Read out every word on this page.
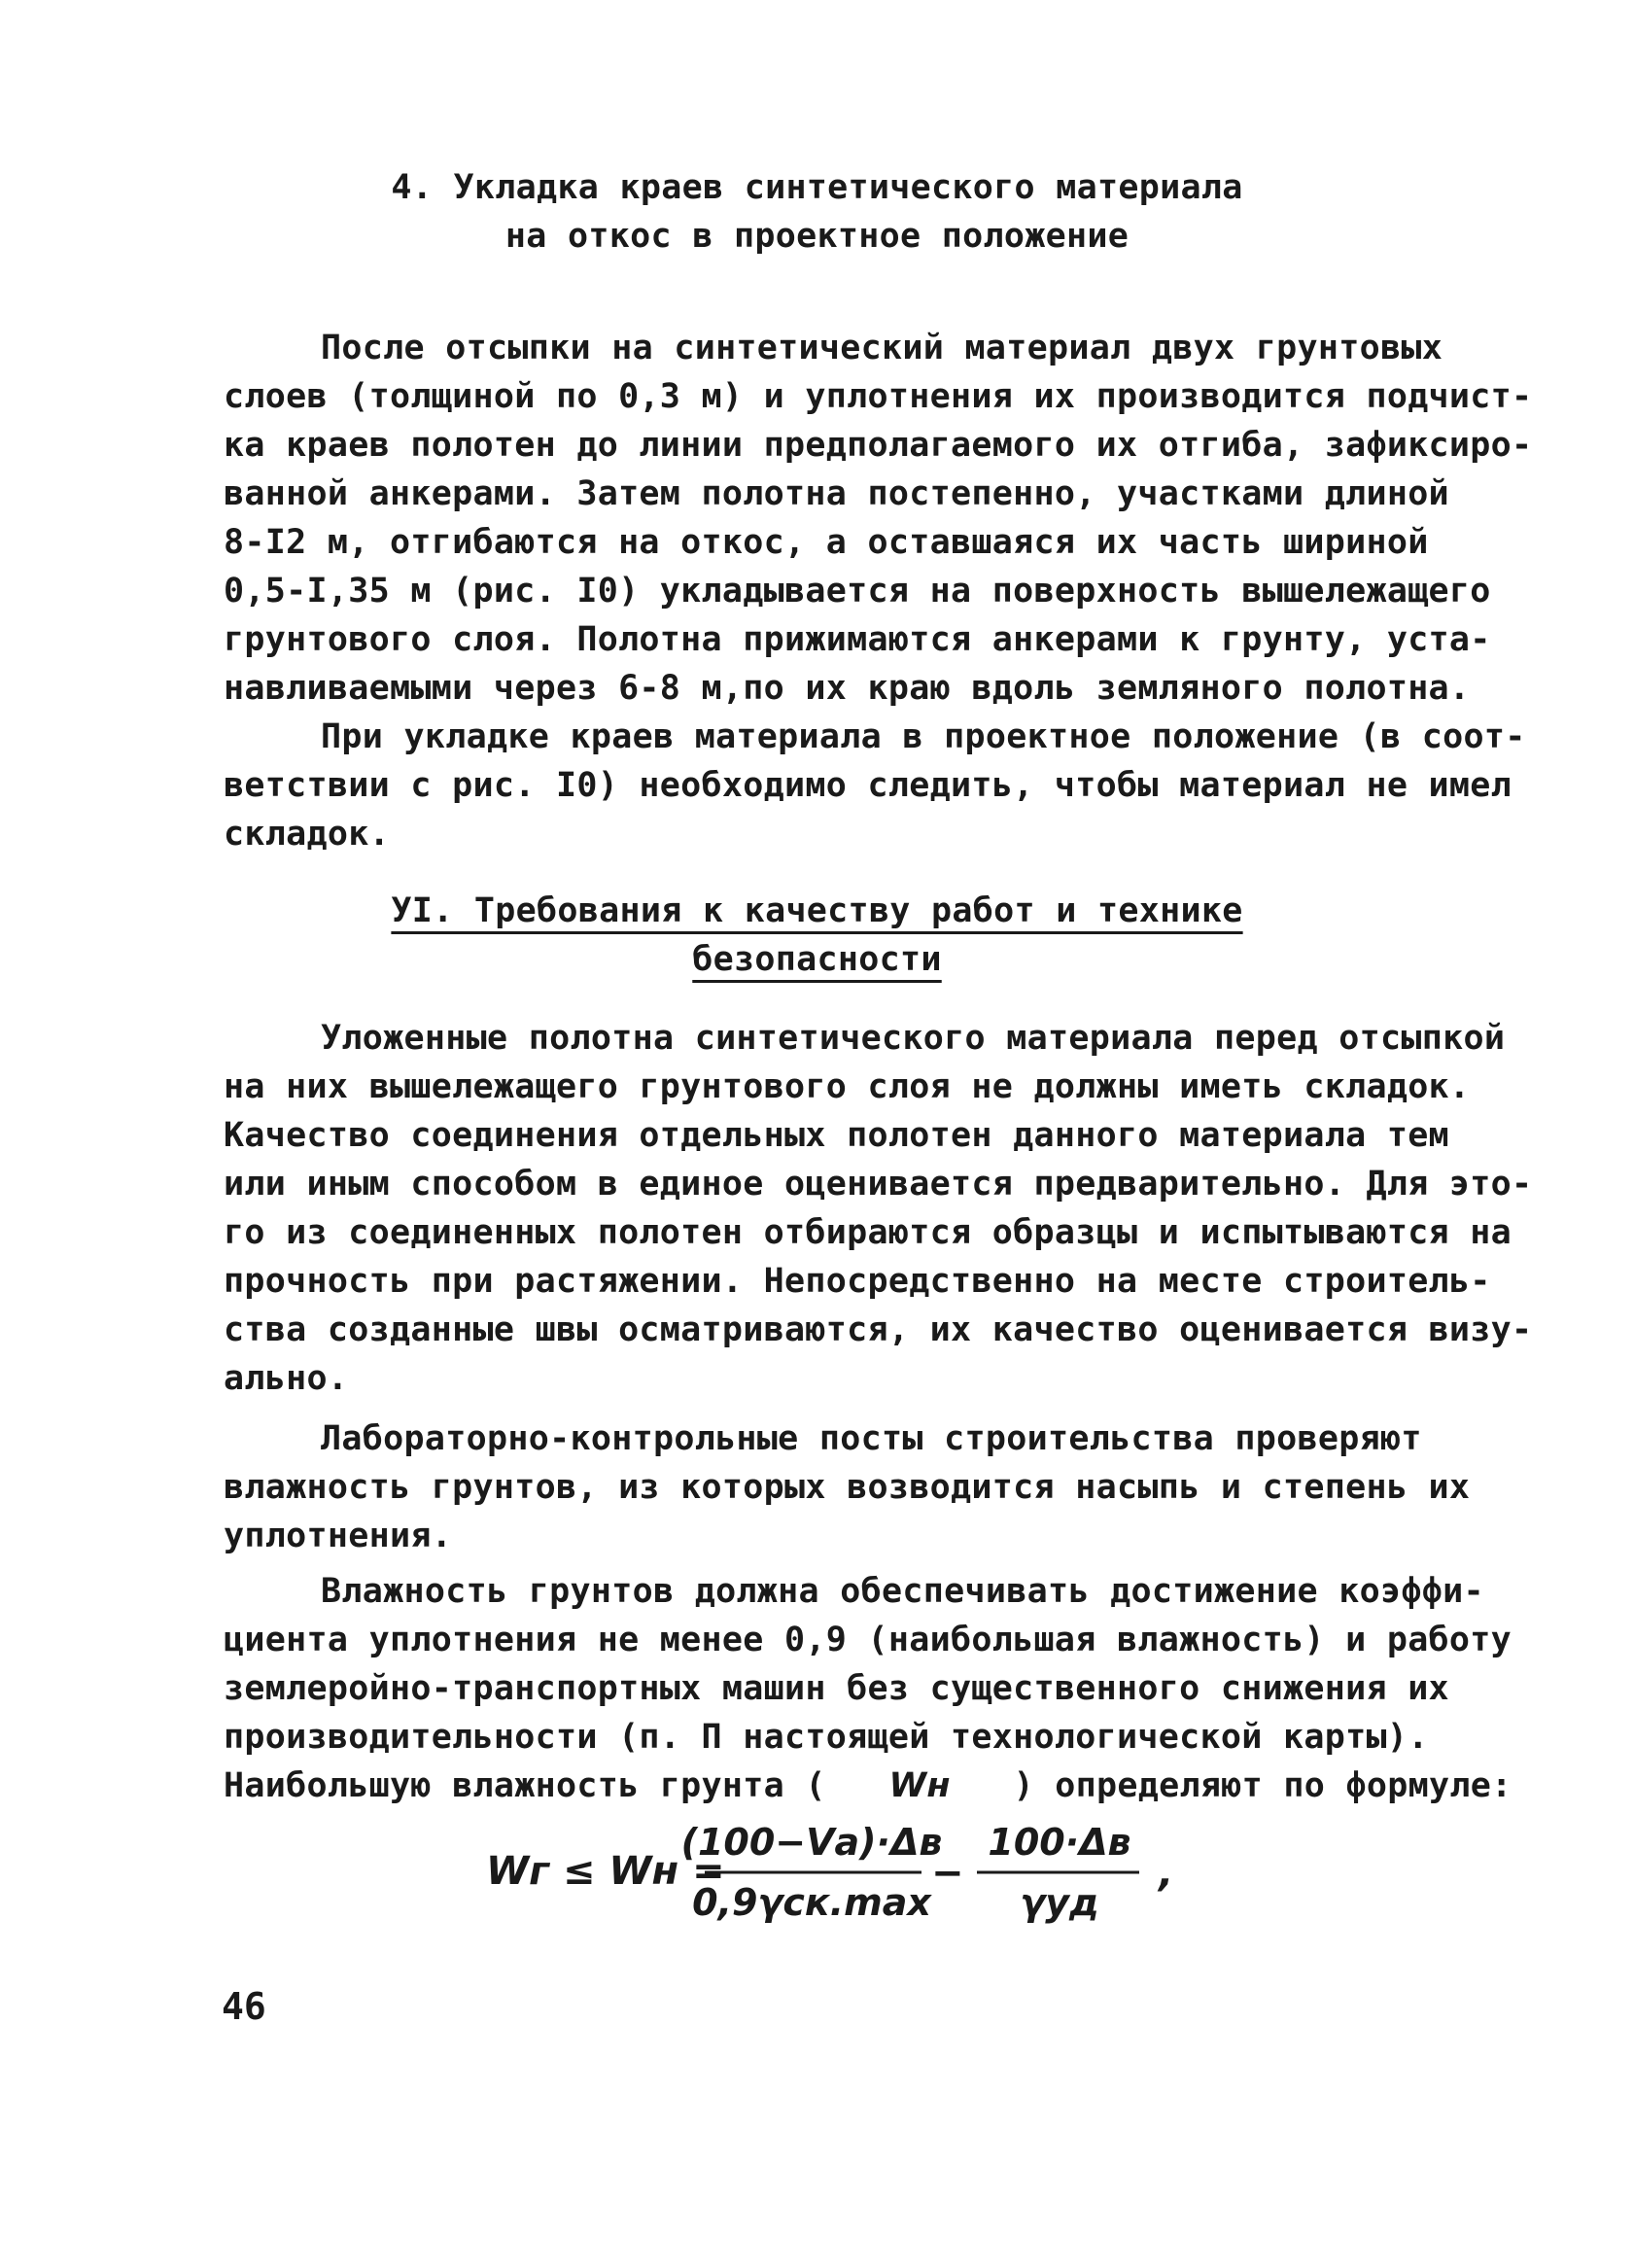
4. Укладка краев синтетического материала
на откос в проектное положение
После отсыпки на синтетический материал двух грунтовых
слоев (толщиной по 0,3 м) и уплотнения их производится подчист-
ка краев полотен до линии предполагаемого их отгиба, зафиксиро-
ванной анкерами. Затем полотна постепенно, участками длиной
8-I2 м, отгибаются на откос, а оставшаяся их часть шириной
0,5-I,35 м (рис. I0) укладывается на поверхность вышележащего
грунтового слоя. Полотна прижимаются анкерами к грунту, уста-
навливаемыми через 6-8 м,по их краю вдоль земляного полотна.
При укладке краев материала в проектное положение (в соот-
ветствии с рис. I0) необходимо следить, чтобы материал не имел
складок.
УI. Требования к качеству работ и технике
безопасности
Уложенные полотна синтетического материала перед отсыпкой
на них вышележащего грунтового слоя не должны иметь складок.
Качество соединения отдельных полотен данного материала тем
или иным способом в единое оценивается предварительно. Для это-
го из соединенных полотен отбираются образцы и испытываются на
прочность при растяжении. Непосредственно на месте строитель-
ства созданные швы осматриваются, их качество оценивается визу-
ально.
Лабораторно-контрольные посты строительства проверяют
влажность грунтов, из которых возводится насыпь и степень их
уплотнения.
Влажность грунтов должна обеспечивать достижение коэффи-
циента уплотнения не менее 0,9 (наибольшая влажность) и работу
землеройно-транспортных машин без существенного снижения их
производительности (п. П настоящей технологической карты).
Наибольшую влажность грунта ( Wн ) определяют по формуле:
Wг ≤ Wн =
(100−Vа)·Δв
0,9γск.max
−
100·Δв
γуд
,
46
